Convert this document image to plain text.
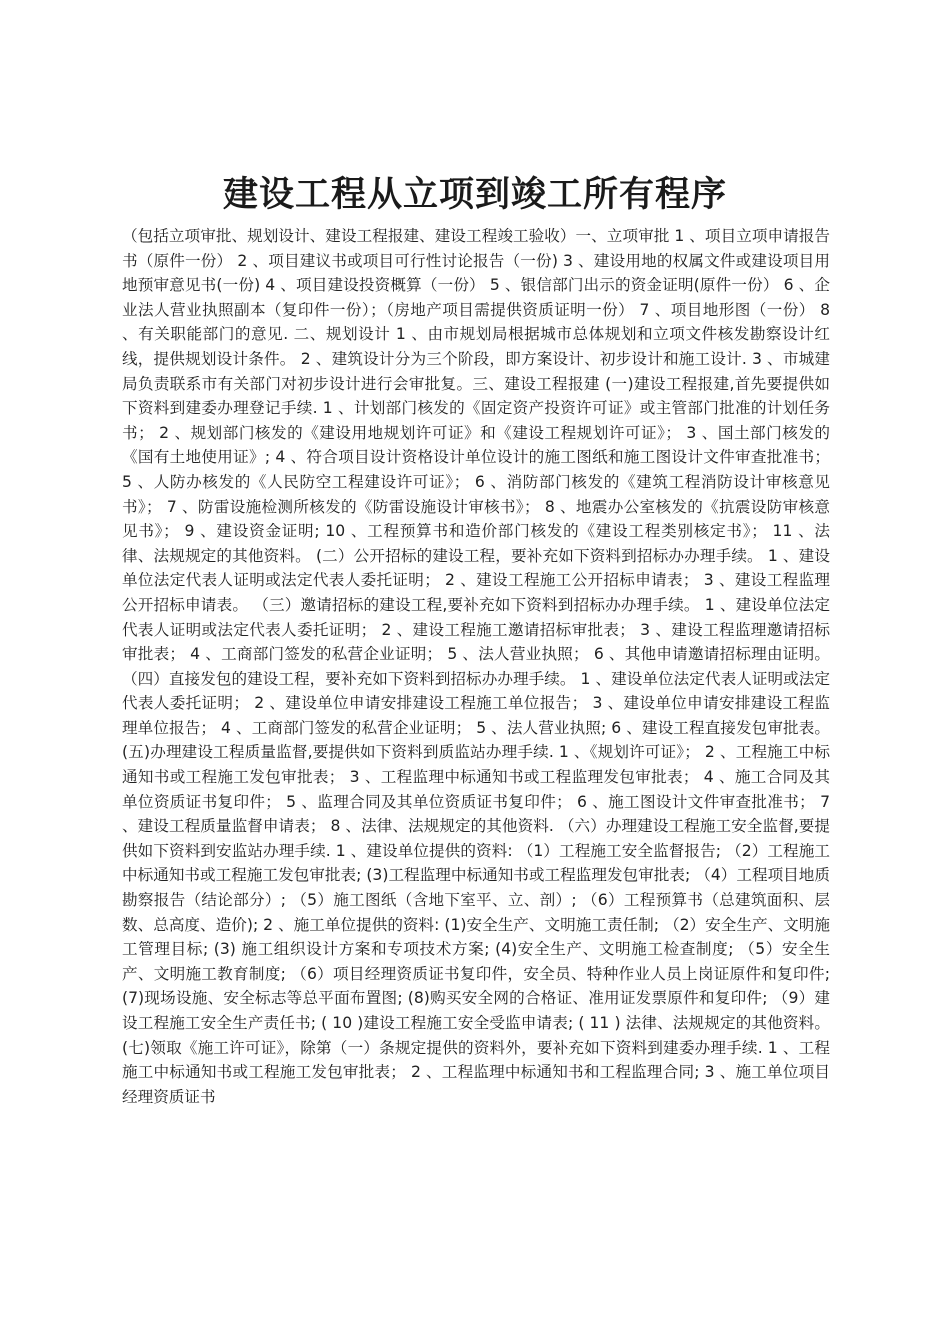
建设工程从立项到竣工所有程序

（包括立项审批、规划设计、建设工程报建、建设工程竣工验收）一、立项审批 1 、项目立项申请报告书（原件一份） 2 、项目建议书或项目可行性讨论报告（一份) 3 、建设用地的权属文件或建设项目用地预审意见书(一份) 4 、项目建设投资概算（一份） 5 、银信部门出示的资金证明(原件一份） 6 、企业法人营业执照副本（复印件一份）；（房地产项目需提供资质证明一份） 7 、项目地形图（一份） 8 、有关职能部门的意见. 二、规划设计 1 、由市规划局根据城市总体规划和立项文件核发勘察设计红线，提供规划设计条件。 2 、建筑设计分为三个阶段，即方案设计、初步设计和施工设计. 3 、市城建局负责联系市有关部门对初步设计进行会审批复。三、建设工程报建 (一)建设工程报建,首先要提供如下资料到建委办理登记手续. 1 、计划部门核发的《固定资产投资许可证》或主管部门批准的计划任务书； 2 、规划部门核发的《建设用地规划许可证》和《建设工程规划许可证》； 3 、国土部门核发的《国有土地使用证》; 4 、符合项目设计资格设计单位设计的施工图纸和施工图设计文件审查批准书； 5 、人防办核发的《人民防空工程建设许可证》； 6 、消防部门核发的《建筑工程消防设计审核意见书》； 7 、防雷设施检测所核发的《防雷设施设计审核书》； 8 、地震办公室核发的《抗震设防审核意见书》； 9 、建设资金证明; 10 、工程预算书和造价部门核发的《建设工程类别核定书》； 11 、法律、法规规定的其他资料。 (二）公开招标的建设工程，要补充如下资料到招标办办理手续。 1 、建设单位法定代表人证明或法定代表人委托证明； 2 、建设工程施工公开招标申请表； 3 、建设工程监理公开招标申请表。 （三）邀请招标的建设工程,要补充如下资料到招标办办理手续。 1 、建设单位法定代表人证明或法定代表人委托证明； 2 、建设工程施工邀请招标审批表； 3 、建设工程监理邀请招标审批表； 4 、工商部门签发的私营企业证明； 5 、法人营业执照； 6 、其他申请邀请招标理由证明。 （四）直接发包的建设工程，要补充如下资料到招标办办理手续。 1 、建设单位法定代表人证明或法定代表人委托证明； 2 、建设单位申请安排建设工程施工单位报告； 3 、建设单位申请安排建设工程监理单位报告； 4 、工商部门签发的私营企业证明； 5 、法人营业执照; 6 、建设工程直接发包审批表。 (五)办理建设工程质量监督,要提供如下资料到质监站办理手续. 1 、《规划许可证》； 2 、工程施工中标通知书或工程施工发包审批表； 3 、工程监理中标通知书或工程监理发包审批表； 4 、施工合同及其单位资质证书复印件； 5 、监理合同及其单位资质证书复印件； 6 、施工图设计文件审查批准书； 7 、建设工程质量监督申请表； 8 、法律、法规规定的其他资料. （六）办理建设工程施工安全监督,要提供如下资料到安监站办理手续. 1 、建设单位提供的资料: （1）工程施工安全监督报告; （2）工程施工中标通知书或工程施工发包审批表; (3)工程监理中标通知书或工程监理发包审批表; （4）工程项目地质勘察报告（结论部分）; （5）施工图纸（含地下室平、立、剖）; （6）工程预算书（总建筑面积、层数、总高度、造价); 2 、施工单位提供的资料: (1)安全生产、文明施工责任制; （2）安全生产、文明施工管理目标; (3) 施工组织设计方案和专项技术方案; (4)安全生产、文明施工检查制度; （5）安全生产、文明施工教育制度; （6）项目经理资质证书复印件，安全员、特种作业人员上岗证原件和复印件; (7)现场设施、安全标志等总平面布置图; (8)购买安全网的合格证、准用证发票原件和复印件; （9）建设工程施工安全生产责任书; ( 10 )建设工程施工安全受监申请表; ( 11 ) 法律、法规规定的其他资料。 (七)领取《施工许可证》，除第（一）条规定提供的资料外，要补充如下资料到建委办理手续. 1 、工程施工中标通知书或工程施工发包审批表； 2 、工程监理中标通知书和工程监理合同; 3 、施工单位项目经理资质证书
